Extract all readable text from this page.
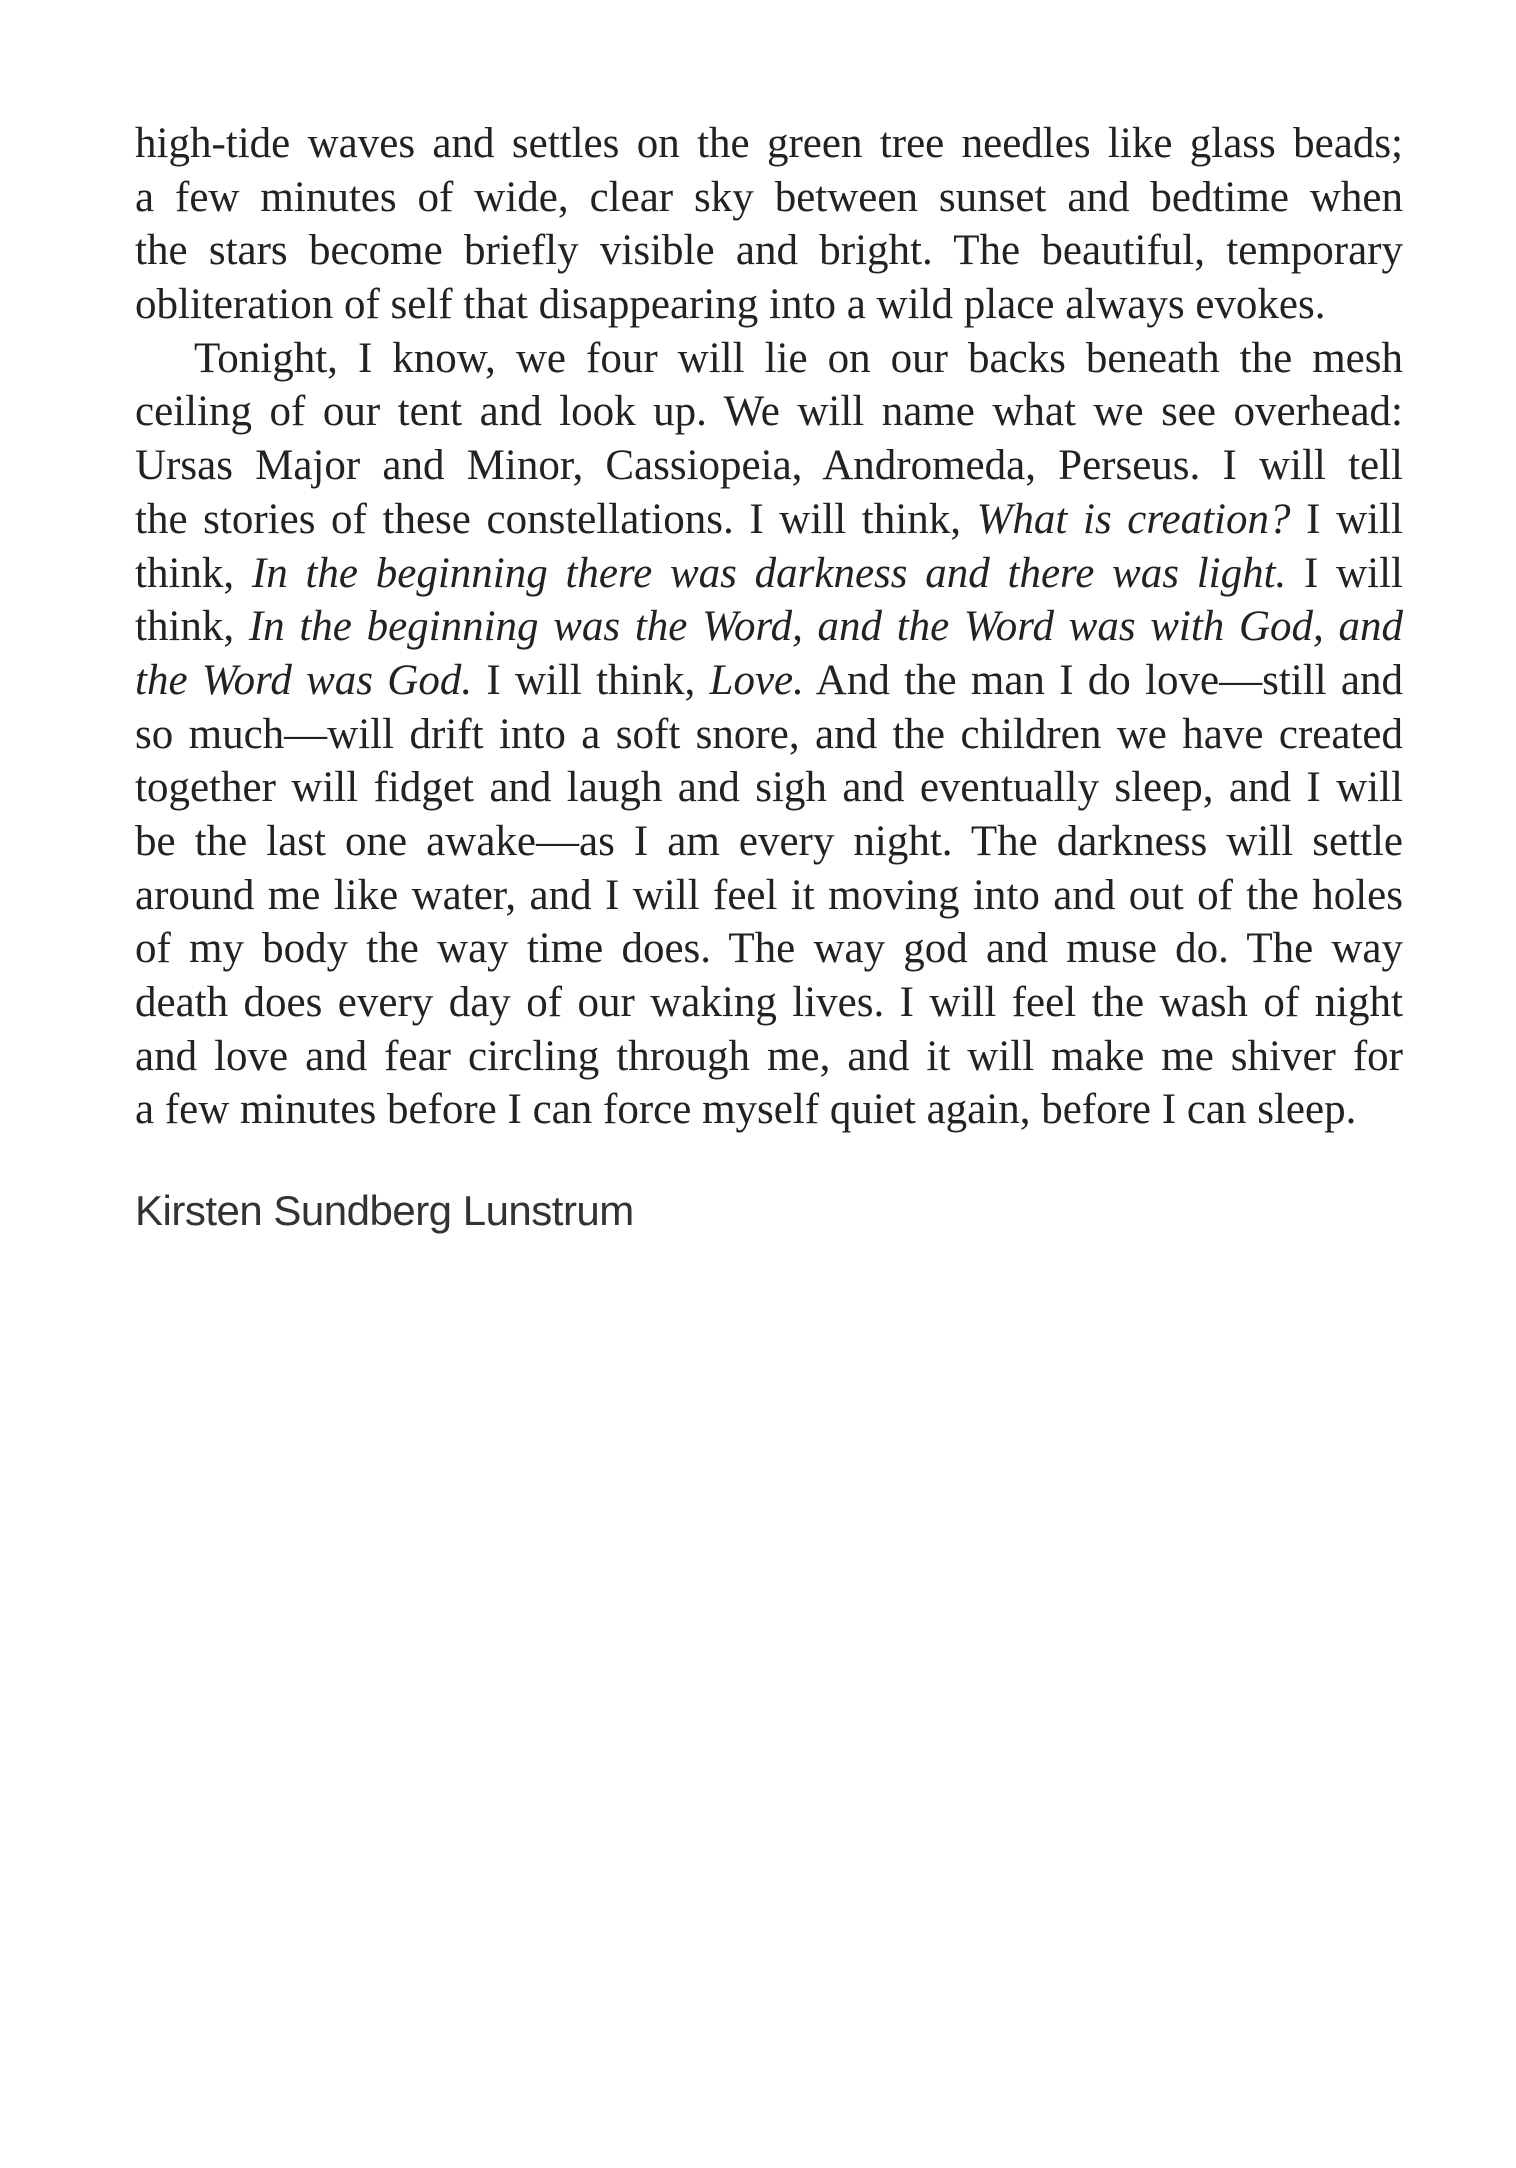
high-tide waves and settles on the green tree needles like glass beads;
a few minutes of wide, clear sky between sunset and bedtime when
the stars become briefly visible and bright. The beautiful, temporary
obliteration of self that disappearing into a wild place always evokes.
Tonight, I know, we four will lie on our backs beneath the mesh
ceiling of our tent and look up. We will name what we see overhead:
Ursas Major and Minor, Cassiopeia, Andromeda, Perseus. I will tell
the stories of these constellations. I will think, What is creation? I will
think, In the beginning there was darkness and there was light. I will
think, In the beginning was the Word, and the Word was with God, and
the Word was God. I will think, Love. And the man I do love—still and
so much—will drift into a soft snore, and the children we have created
together will fidget and laugh and sigh and eventually sleep, and I will
be the last one awake—as I am every night. The darkness will settle
around me like water, and I will feel it moving into and out of the holes
of my body the way time does. The way god and muse do. The way
death does every day of our waking lives. I will feel the wash of night
and love and fear circling through me, and it will make me shiver for
a few minutes before I can force myself quiet again, before I can sleep.
Kirsten Sundberg Lunstrum
